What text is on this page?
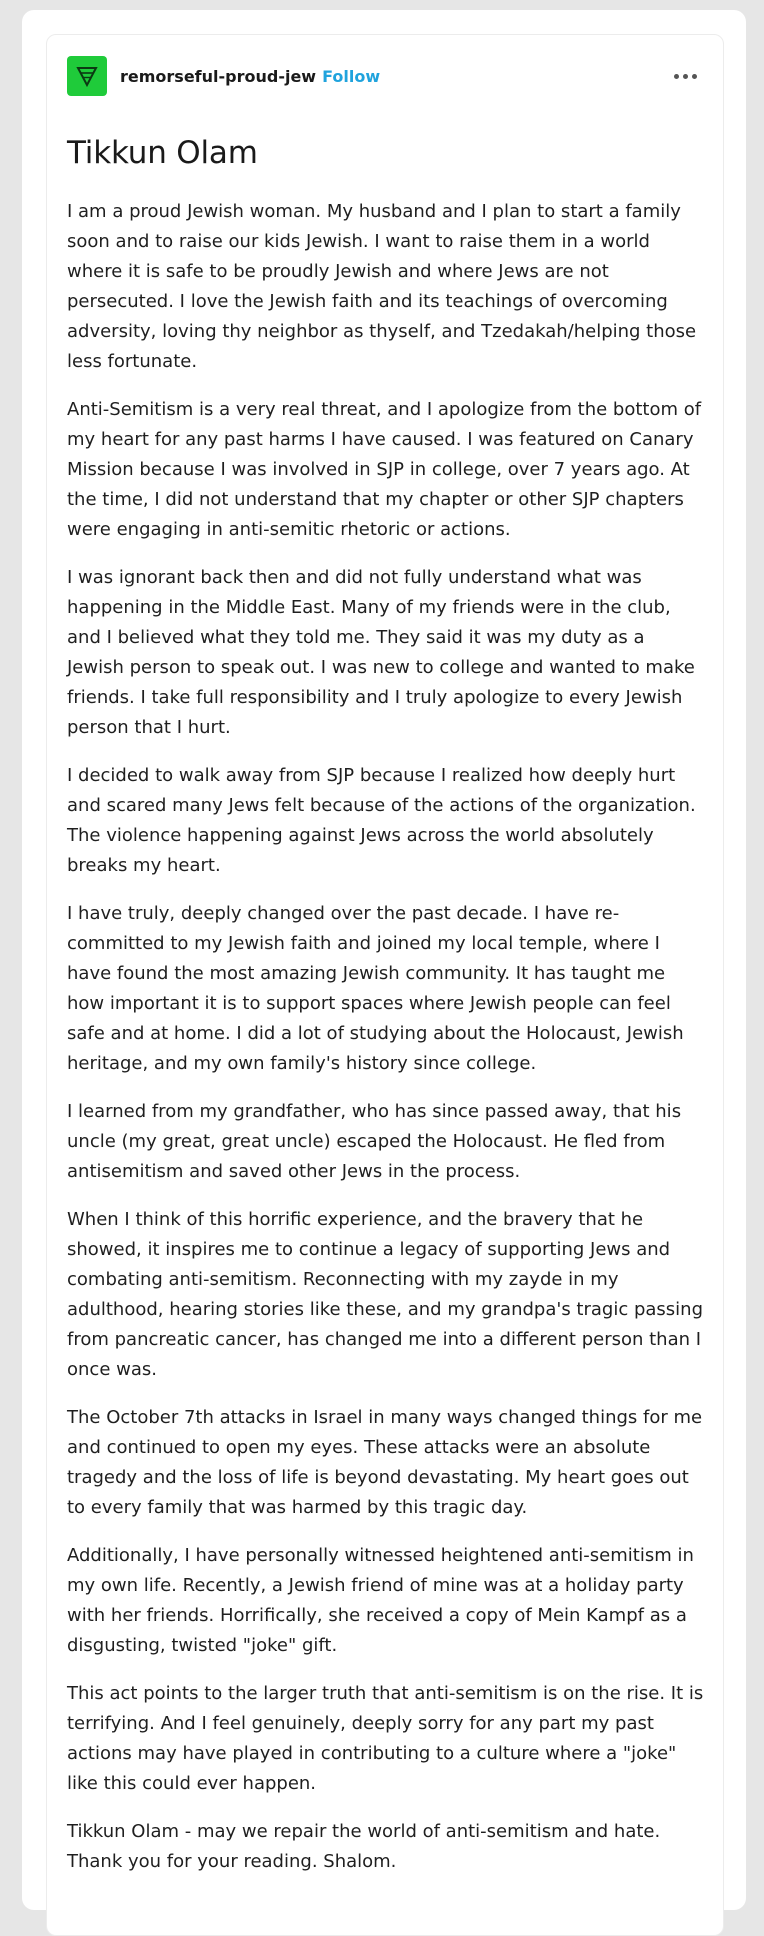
remorseful-proud-jew Follow
Tikkun Olam

I am a proud Jewish woman. My husband and I plan to start a family soon and to raise our kids Jewish. I want to raise them in a world where it is safe to be proudly Jewish and where Jews are not persecuted. I love the Jewish faith and its teachings of overcoming adversity, loving thy neighbor as thyself, and Tzedakah/helping those less fortunate.

Anti-Semitism is a very real threat, and I apologize from the bottom of my heart for any past harms I have caused. I was featured on Canary Mission because I was involved in SJP in college, over 7 years ago. At the time, I did not understand that my chapter or other SJP chapters were engaging in anti-semitic rhetoric or actions.

I was ignorant back then and did not fully understand what was happening in the Middle East. Many of my friends were in the club, and I believed what they told me. They said it was my duty as a Jewish person to speak out. I was new to college and wanted to make friends. I take full responsibility and I truly apologize to every Jewish person that I hurt.

I decided to walk away from SJP because I realized how deeply hurt and scared many Jews felt because of the actions of the organization. The violence happening against Jews across the world absolutely breaks my heart.

I have truly, deeply changed over the past decade. I have re-committed to my Jewish faith and joined my local temple, where I have found the most amazing Jewish community. It has taught me how important it is to support spaces where Jewish people can feel safe and at home. I did a lot of studying about the Holocaust, Jewish heritage, and my own family's history since college.

I learned from my grandfather, who has since passed away, that his uncle (my great, great uncle) escaped the Holocaust. He fled from antisemitism and saved other Jews in the process.

When I think of this horrific experience, and the bravery that he showed, it inspires me to continue a legacy of supporting Jews and combating anti-semitism. Reconnecting with my zayde in my adulthood, hearing stories like these, and my grandpa's tragic passing from pancreatic cancer, has changed me into a different person than I once was.

The October 7th attacks in Israel in many ways changed things for me and continued to open my eyes. These attacks were an absolute tragedy and the loss of life is beyond devastating. My heart goes out to every family that was harmed by this tragic day.

Additionally, I have personally witnessed heightened anti-semitism in my own life. Recently, a Jewish friend of mine was at a holiday party with her friends. Horrifically, she received a copy of Mein Kampf as a disgusting, twisted "joke" gift.

This act points to the larger truth that anti-semitism is on the rise. It is terrifying. And I feel genuinely, deeply sorry for any part my past actions may have played in contributing to a culture where a "joke" like this could ever happen.

Tikkun Olam - may we repair the world of anti-semitism and hate. Thank you for your reading. Shalom.
